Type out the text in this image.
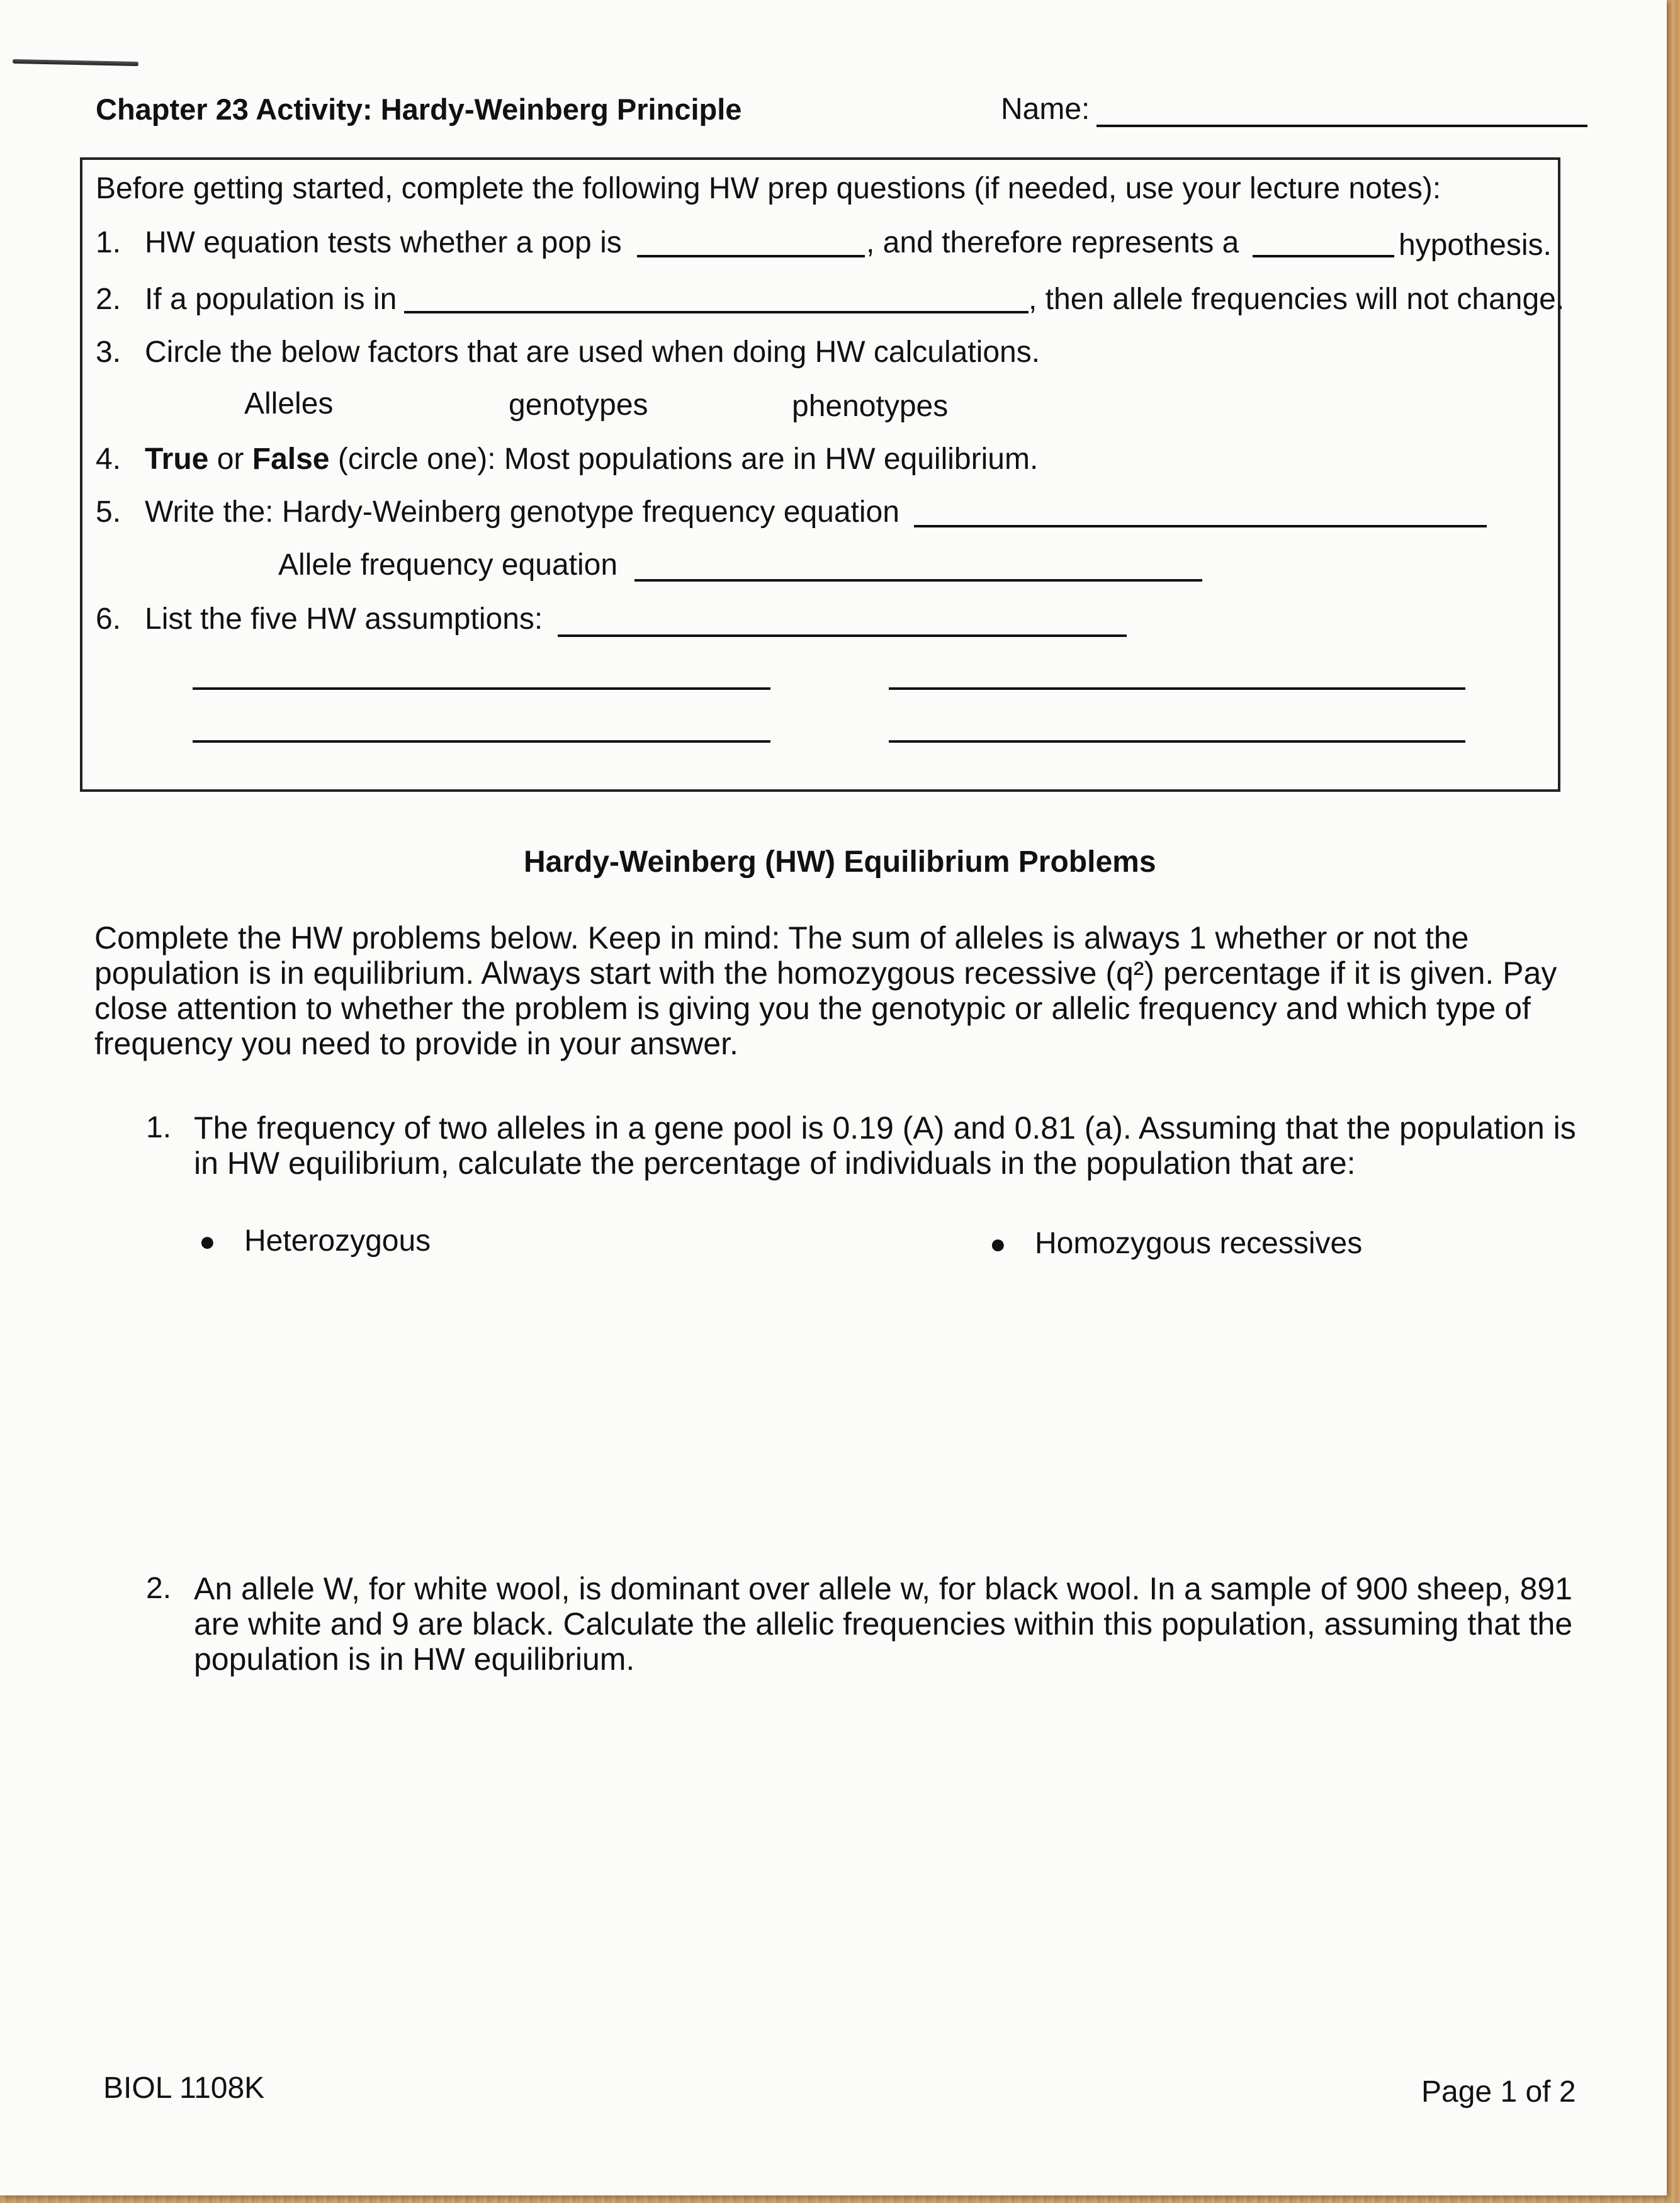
Chapter 23 Activity: Hardy-Weinberg Principle	Name:
Before getting started, complete the following HW prep questions (if needed, use your lecture notes):
1. HW equation tests whether a pop is	, and therefore represents a	hypothesis.
2. If a population is in	, then allele frequencies will not change.
3. Circle the below factors that are used when doing HW calculations.
Alleles	genotypes	phenotypes
4. True or False (circle one): Most populations are in HW equilibrium.
5. Write the: Hardy-Weinberg genotype frequency equation
Allele frequency equation
6. List the five HW assumptions:
Hardy-Weinberg (HW) Equilibrium Problems
Complete the HW problems below. Keep in mind: The sum of alleles is always 1 whether or not the population is in equilibrium. Always start with the homozygous recessive (q²) percentage if it is given. Pay close attention to whether the problem is giving you the genotypic or allelic frequency and which type of frequency you need to provide in your answer.
1. The frequency of two alleles in a gene pool is 0.19 (A) and 0.81 (a). Assuming that the population is in HW equilibrium, calculate the percentage of individuals in the population that are:
● Heterozygous	● Homozygous recessives
2. An allele W, for white wool, is dominant over allele w, for black wool. In a sample of 900 sheep, 891 are white and 9 are black. Calculate the allelic frequencies within this population, assuming that the population is in HW equilibrium.
BIOL 1108K	Page 1 of 2
